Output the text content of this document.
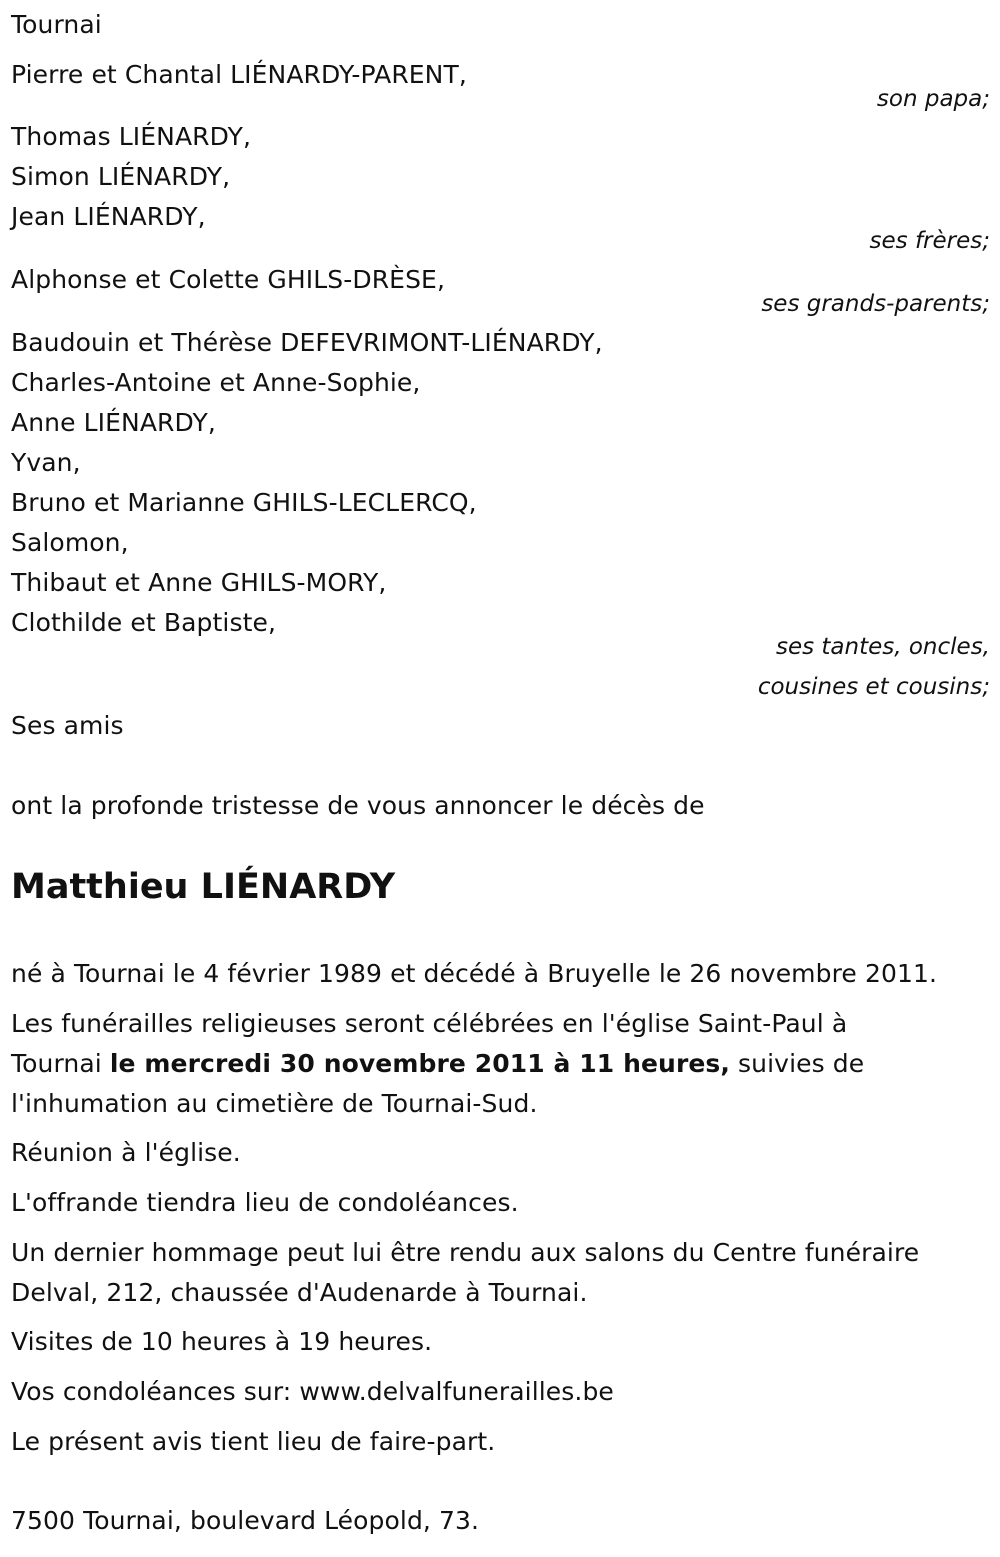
Tournai
Pierre et Chantal LIÉNARDY-PARENT,
son papa;
Thomas LIÉNARDY,
Simon LIÉNARDY,
Jean LIÉNARDY,
ses frères;
Alphonse et Colette GHILS-DRÈSE,
ses grands-parents;
Baudouin et Thérèse DEFEVRIMONT-LIÉNARDY,
Charles-Antoine et Anne-Sophie,
Anne LIÉNARDY,
Yvan,
Bruno et Marianne GHILS-LECLERCQ,
Salomon,
Thibaut et Anne GHILS-MORY,
Clothilde et Baptiste,
ses tantes, oncles,
cousines et cousins;
Ses amis
ont la profonde tristesse de vous annoncer le décès de
Matthieu LIÉNARDY
né à Tournai le 4 février 1989 et décédé à Bruyelle le 26 novembre 2011.
Les funérailles religieuses seront célébrées en l'église Saint-Paul à
Tournai le mercredi 30 novembre 2011 à 11 heures, suivies de
l'inhumation au cimetière de Tournai-Sud.
Réunion à l'église.
L'offrande tiendra lieu de condoléances.
Un dernier hommage peut lui être rendu aux salons du Centre funéraire
Delval, 212, chaussée d'Audenarde à Tournai.
Visites de 10 heures à 19 heures.
Vos condoléances sur: www.delvalfunerailles.be
Le présent avis tient lieu de faire-part.
7500 Tournai, boulevard Léopold, 73.
